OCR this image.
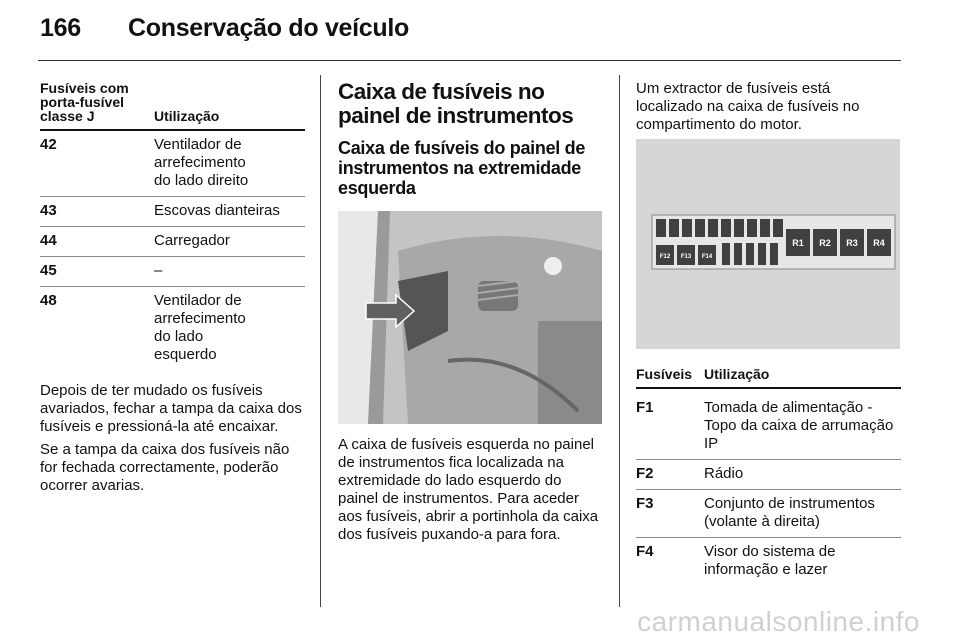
166 Conservação do veículo
Fusíveis com
porta-fusível
classe J	Utilização
42	Ventilador de arrefecimento do lado direito
43	Escovas dianteiras
44	Carregador
45	–
48	Ventilador de arrefecimento do lado esquerdo

Depois de ter mudado os fusíveis avariados, fechar a tampa da caixa dos fusíveis e pressioná-la até encaixar.

Se a tampa da caixa dos fusíveis não for fechada correctamente, poderão ocorrer avarias.

Caixa de fusíveis no painel de instrumentos
Caixa de fusíveis do painel de instrumentos na extremidade esquerda

A caixa de fusíveis esquerda no painel de instrumentos fica localizada na extremidade do lado esquerdo do painel de instrumentos. Para aceder aos fusíveis, abrir a portinhola da caixa dos fusíveis puxando-a para fora.

Um extractor de fusíveis está localizado na caixa de fusíveis no compartimento do motor.

R1 R2 R3 R4
F12 F13 F14
Fusíveis Utilização
F1	Tomada de alimentação - Topo da caixa de arrumação IP
F2	Rádio
F3	Conjunto de instrumentos (volante à direita)
F4	Visor do sistema de informação e lazer
carmanualsonline.info
